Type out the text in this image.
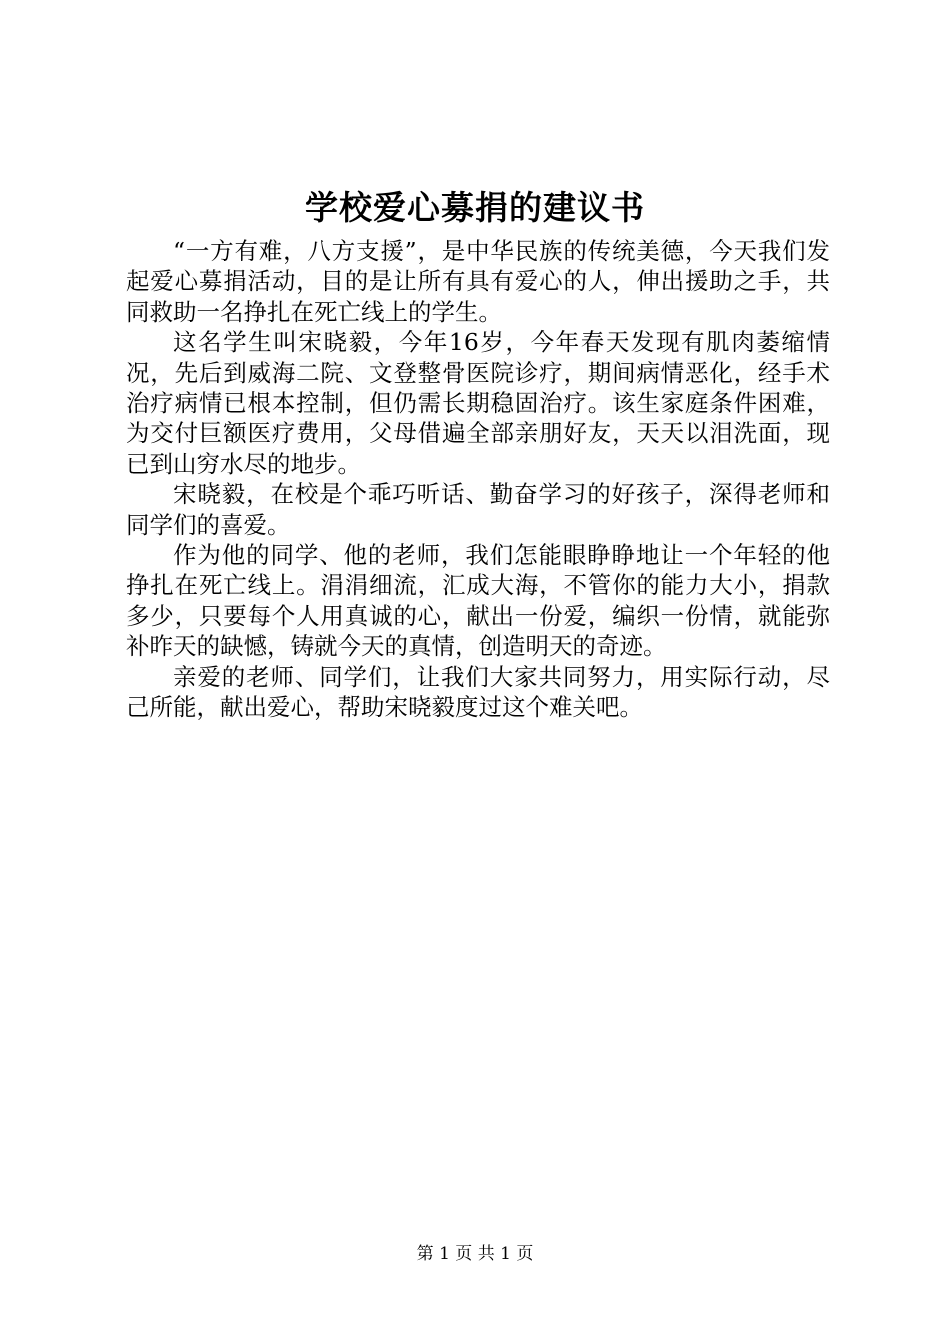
学校爱心募捐的建议书

“一方有难，八方支援”，是中华民族的传统美德，今天我们发起爱心募捐活动，目的是让所有具有爱心的人，伸出援助之手，共同救助一名挣扎在死亡线上的学生。

这名学生叫宋晓毅，今年16岁，今年春天发现有肌肉萎缩情况，先后到威海二院、文登整骨医院诊疗，期间病情恶化，经手术治疗病情已根本控制，但仍需长期稳固治疗。该生家庭条件困难，为交付巨额医疗费用，父母借遍全部亲朋好友，天天以泪洗面，现已到山穷水尽的地步。

宋晓毅，在校是个乖巧听话、勤奋学习的好孩子，深得老师和同学们的喜爱。

作为他的同学、他的老师，我们怎能眼睁睁地让一个年轻的他挣扎在死亡线上。涓涓细流，汇成大海，不管你的能力大小，捐款多少，只要每个人用真诚的心，献出一份爱，编织一份情，就能弥补昨天的缺憾，铸就今天的真情，创造明天的奇迹。

亲爱的老师、同学们，让我们大家共同努力，用实际行动，尽己所能，献出爱心，帮助宋晓毅度过这个难关吧。

第 1 页 共 1 页
